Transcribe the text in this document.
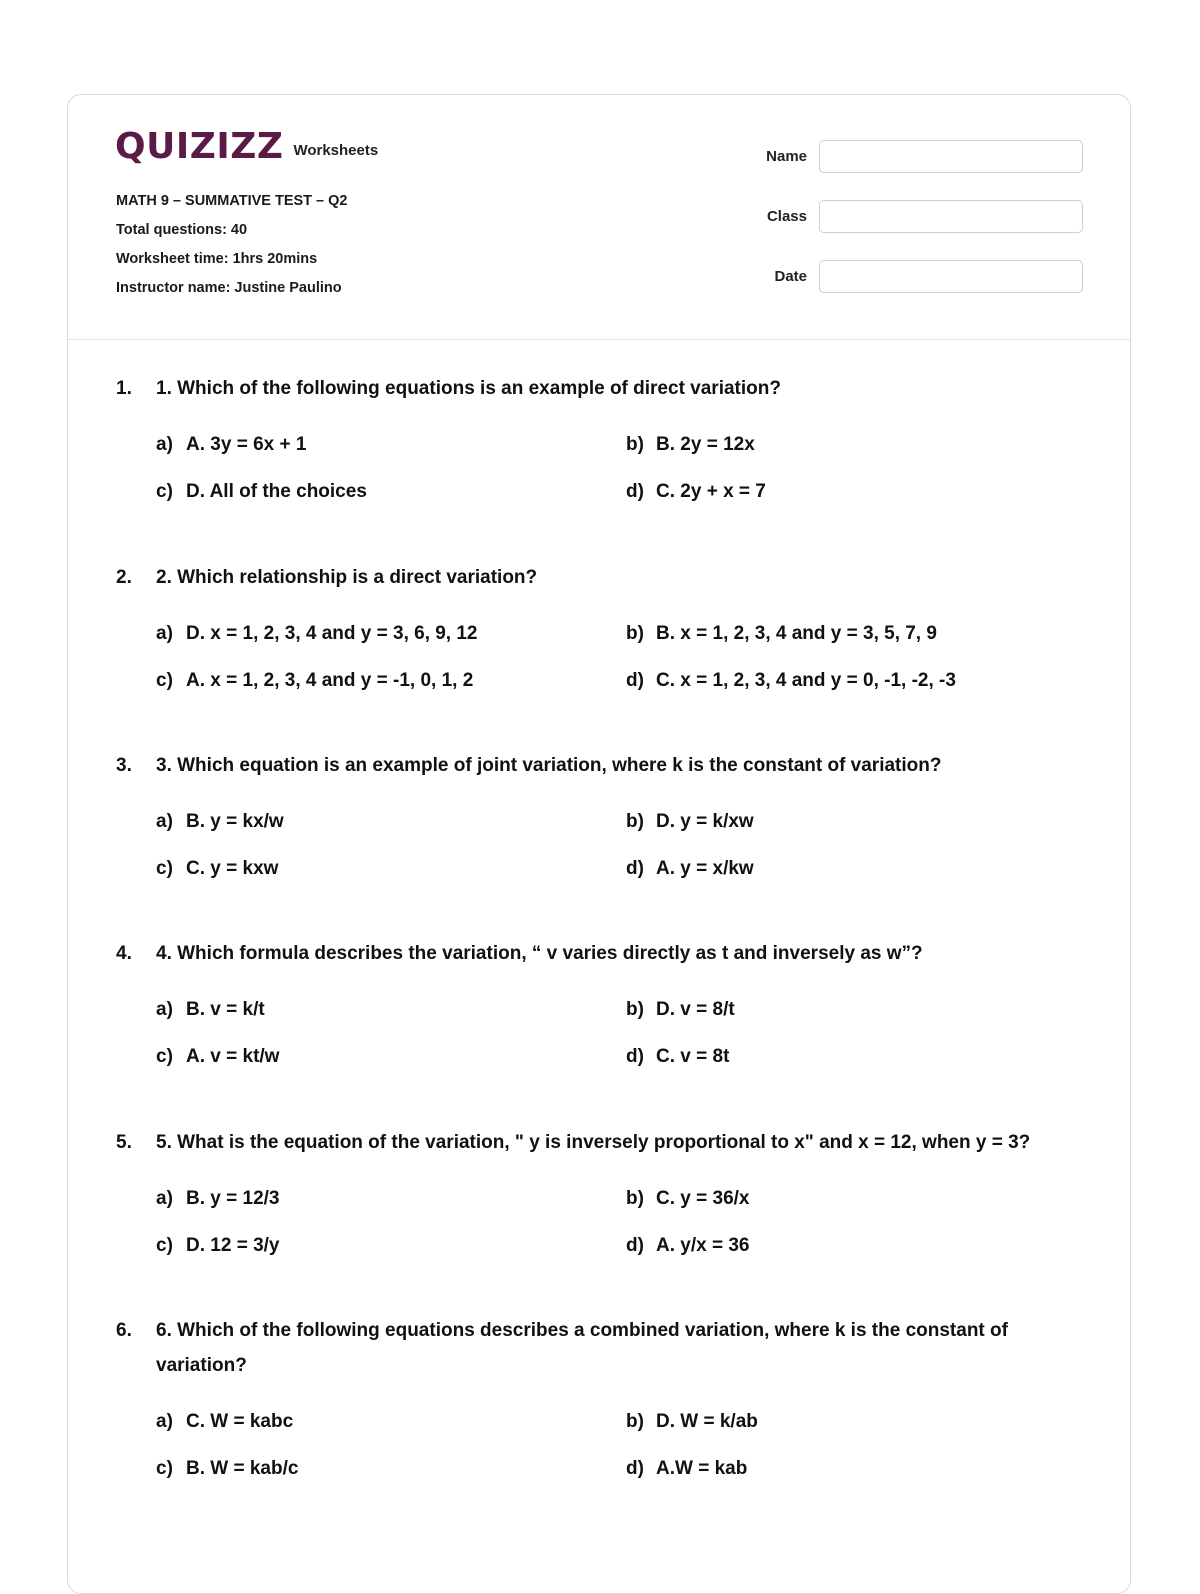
QUIZIZZ Worksheets
MATH 9 – SUMMATIVE TEST – Q2
Total questions: 40
Worksheet time: 1hrs 20mins
Instructor name: Justine Paulino
Name
Class
Date
1.	1. Which of the following equations is an example of direct variation?
a) A. 3y = 6x + 1	b) B. 2y = 12x
c) D. All of the choices	d) C. 2y + x = 7
2.	2. Which relationship is a direct variation?
a) D. x = 1, 2, 3, 4 and y = 3, 6, 9, 12	b) B. x = 1, 2, 3, 4 and y = 3, 5, 7, 9
c) A. x = 1, 2, 3, 4 and y = -1, 0, 1, 2	d) C. x = 1, 2, 3, 4 and y = 0, -1, -2, -3
3.	3. Which equation is an example of joint variation, where k is the constant of variation?
a) B. y = kx/w	b) D. y = k/xw
c) C. y = kxw	d) A. y = x/kw
4.	4. Which formula describes the variation, “ v varies directly as t and inversely as w”?
a) B. v = k/t	b) D. v = 8/t
c) A. v = kt/w	d) C. v = 8t
5.	5. What is the equation of the variation, " y is inversely proportional to x" and x = 12, when y = 3?
a) B. y = 12/3	b) C. y = 36/x
c) D. 12 = 3/y	d) A. y/x = 36
6.	6. Which of the following equations describes a combined variation, where k is the constant of variation?
a) C. W = kabc	b) D. W = k/ab
c) B. W = kab/c	d) A.W = kab
